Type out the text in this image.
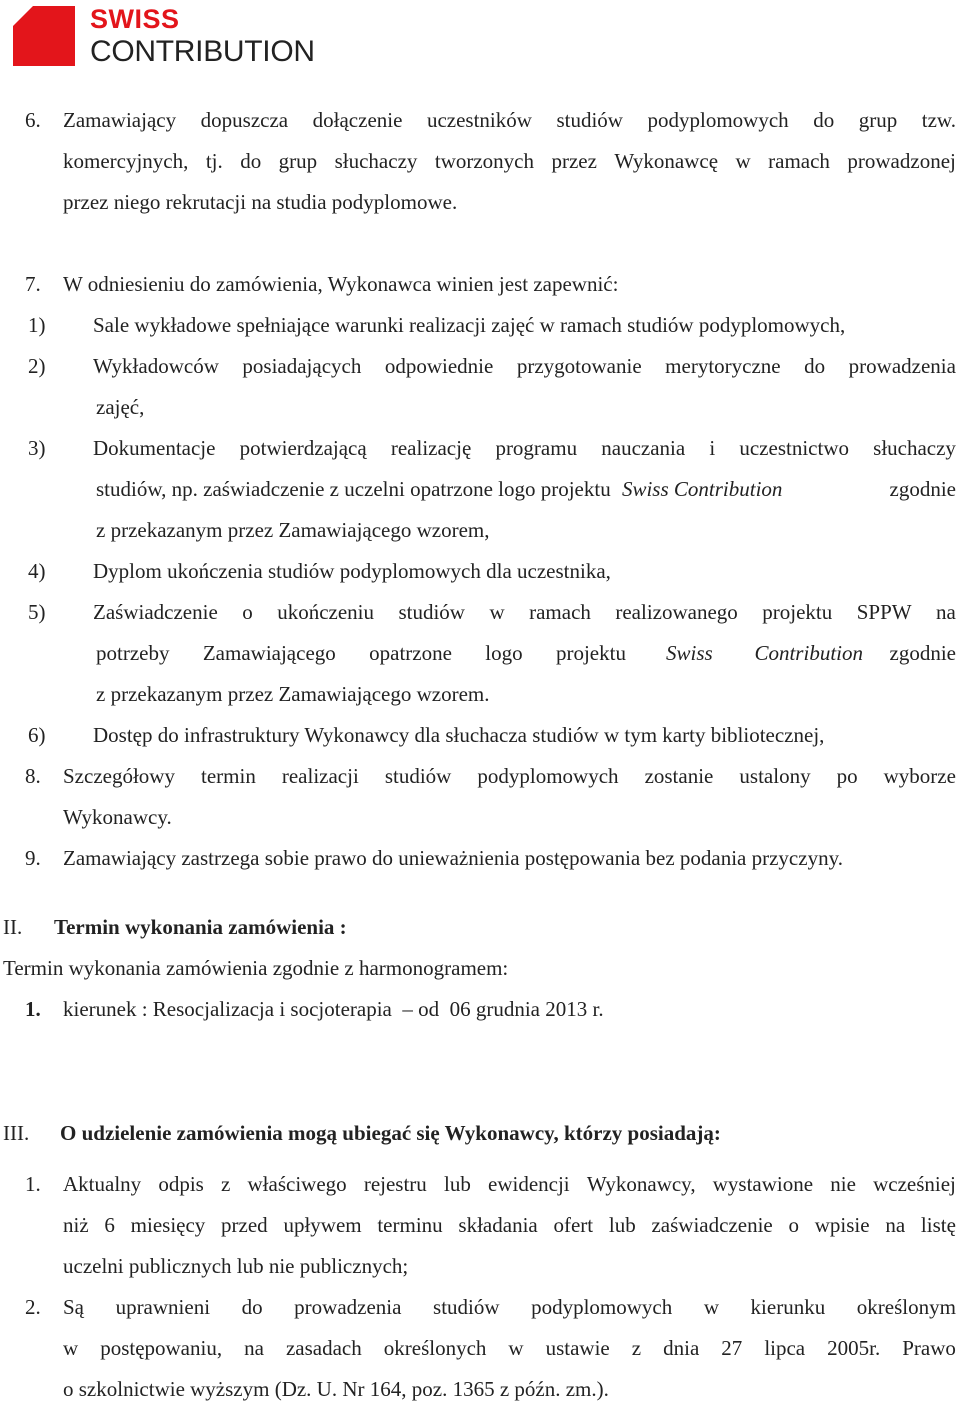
SWISS
CONTRIBUTION
6. Zamawiający dopuszcza dołączenie uczestników studiów podyplomowych do grup tzw.
komercyjnych, tj. do grup słuchaczy tworzonych przez Wykonawcę w ramach prowadzonej
przez niego rekrutacji na studia podyplomowe.
7. W odniesieniu do zamówienia, Wykonawca winien jest zapewnić:
1) Sale wykładowe spełniające warunki realizacji zajęć w ramach studiów podyplomowych,
2) Wykładowców posiadających odpowiednie przygotowanie merytoryczne do prowadzenia
zajęć,
3) Dokumentacje potwierdzającą realizację programu nauczania i uczestnictwo słuchaczy
studiów, np. zaświadczenie z uczelni opatrzone logo projektu Swiss Contribution	zgodnie
z przekazanym przez Zamawiającego wzorem,
4) Dyplom ukończenia studiów podyplomowych dla uczestnika,
5) Zaświadczenie o ukończeniu studiów w ramach realizowanego projektu SPPW na
potrzeby Zamawiającego opatrzone logo projektu Swiss Contribution zgodnie
z przekazanym przez Zamawiającego wzorem.
6) Dostęp do infrastruktury Wykonawcy dla słuchacza studiów w tym karty bibliotecznej,
8. Szczegółowy termin realizacji studiów podyplomowych zostanie ustalony po wyborze
Wykonawcy.
9. Zamawiający zastrzega sobie prawo do unieważnienia postępowania bez podania przyczyny.
II. Termin wykonania zamówienia :
Termin wykonania zamówienia zgodnie z harmonogramem:
1. kierunek : Resocjalizacja i socjoterapia  – od  06 grudnia 2013 r.
III. O udzielenie zamówienia mogą ubiegać się Wykonawcy, którzy posiadają:
1. Aktualny odpis z właściwego rejestru lub ewidencji Wykonawcy, wystawione nie wcześniej
niż 6 miesięcy przed upływem terminu składania ofert lub zaświadczenie o wpisie na listę
uczelni publicznych lub nie publicznych;
2. Są uprawnieni do prowadzenia studiów podyplomowych w kierunku określonym
w postępowaniu, na zasadach określonych w ustawie z dnia 27 lipca 2005r. Prawo
o szkolnictwie wyższym (Dz. U. Nr 164, poz. 1365 z późn. zm.).
